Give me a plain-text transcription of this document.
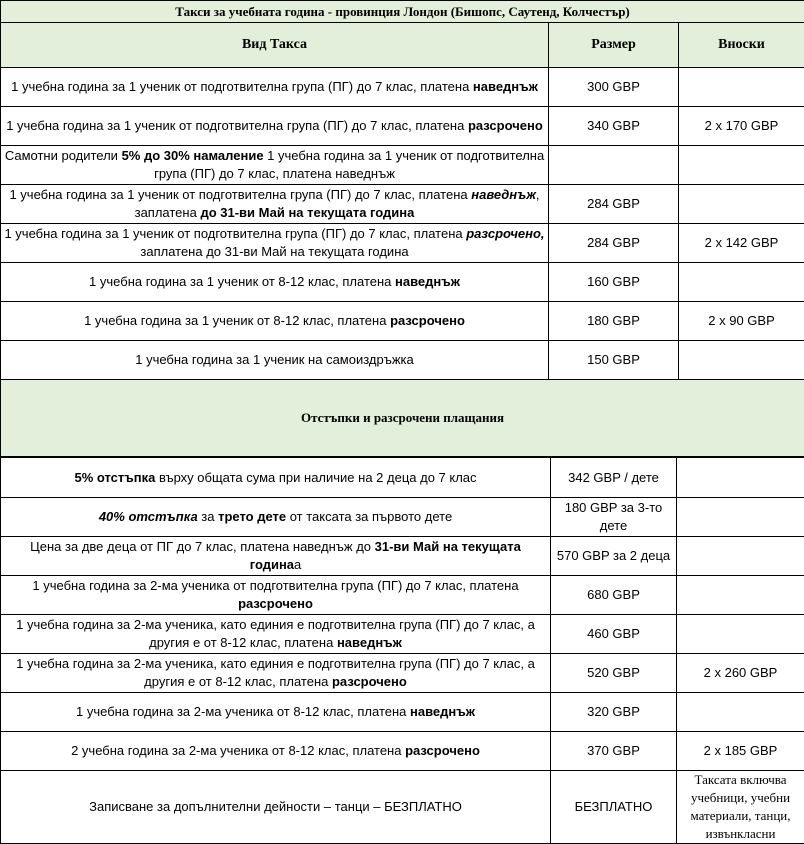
Такси за учебната година - провинция Лондон (Бишопс, Саутенд, Колчестър)		
Вид Такса	Размер	Вноски
1 учебна година за 1 ученик от подготвителна група (ПГ) до 7 клас, платена наведнъж	300 GBP	
1 учебна година за 1 ученик от подготвителна група (ПГ) до 7 клас, платена разсрочено	340 GBP	2 x 170 GBP
Самотни родители 5% до 30% намаление 1 учебна година за 1 ученик от подготвителна група (ПГ) до 7 клас, платена наведнъж		
1 учебна година за 1 ученик от подготвителна група (ПГ) до 7 клас, платена наведнъж, заплатена до 31-ви Май на текущата година	284 GBP	
1 учебна година за 1 ученик от подготвителна група (ПГ) до 7 клас, платена разсрочено, заплатена до 31-ви Май на текущата година	284 GBP	2 x 142 GBP
1 учебна година за 1 ученик от 8-12 клас, платена наведнъж	160 GBP	
1 учебна година за 1 ученик от 8-12 клас, платена разсрочено	180 GBP	2 x 90 GBP
1 учебна година за 1 ученик на самоиздръжка	150 GBP	
Отстъпки и разсрочени плащания		
5% отстъпка върху общата сума при наличие на 2 деца до 7 клас	342 GBP / дете	
40% отстъпка за трето дете от таксата за първото дете	180 GBP за 3-то дете	
Цена за две деца от ПГ до 7 клас, платена наведнъж до 31-ви Май на текущата годинаа	570 GBP за 2 деца	
1 учебна година за 2-ма ученика от подготвителна група (ПГ) до 7 клас, платена разсрочено	680 GBP	
1 учебна година за 2-ма ученика, като единия е подготвителна група (ПГ) до 7 клас, а другия е от 8-12 клас, платена наведнъж	460 GBP	
1 учебна година за 2-ма ученика, като единия е подготвителна група (ПГ) до 7 клас, а другия е от 8-12 клас, платена разсрочено	520 GBP	2 x 260 GBP
1 учебна година за 2-ма ученика от 8-12 клас, платена наведнъж	320 GBP	
2 учебна година за 2-ма ученика от 8-12 клас, платена разсрочено	370 GBP	2 x 185 GBP
Записване за допълнителни дейности – танци – БЕЗПЛАТНО	БЕЗПЛАТНО	Таксата включва учебници, учебни материали, танци, извънкласни
